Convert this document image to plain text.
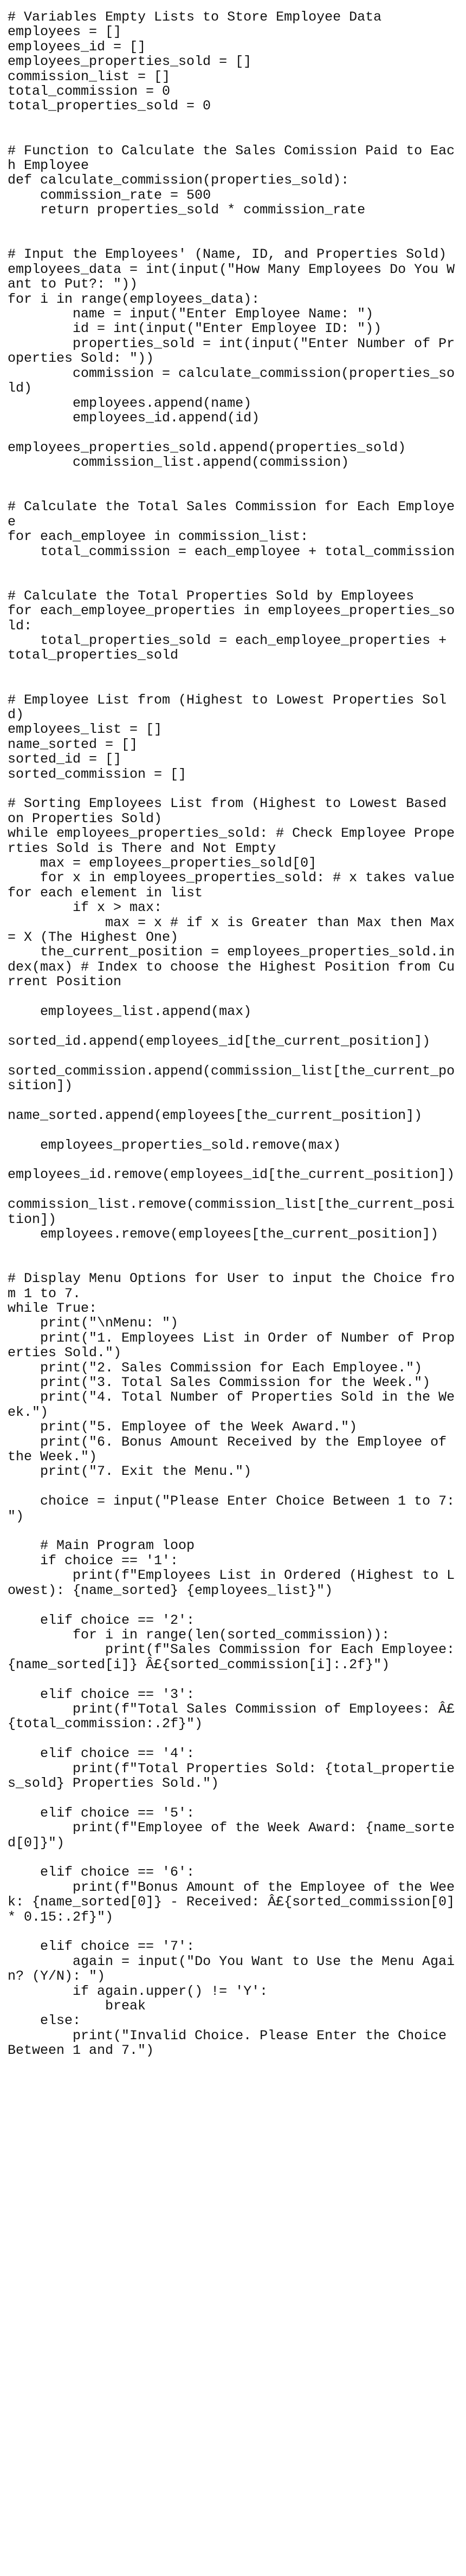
# Variables Empty Lists to Store Employee Data
employees = []
employees_id = []
employees_properties_sold = []
commission_list = []
total_commission = 0
total_properties_sold = 0
# Function to Calculate the Sales Comission Paid to Each Employee
def calculate_commission(properties_sold):
commission_rate = 500
return properties_sold * commission_rate
# Input the Employees' (Name, ID, and Properties Sold)
employees_data = int(input("How Many Employees Do You Want to Put?: "))
for i in range(employees_data):
name = input("Enter Employee Name: ")
id = int(input("Enter Employee ID: "))
properties_sold = int(input("Enter Number of Properties Sold: "))
commission = calculate_commission(properties_sold)
employees.append(name)
employees_id.append(id)
employees_properties_sold.append(properties_sold)
commission_list.append(commission)
# Calculate the Total Sales Commission for Each Employee
for each_employee in commission_list:
total_commission = each_employee + total_commission
# Calculate the Total Properties Sold by Employees
for each_employee_properties in employees_properties_sold:
total_properties_sold = each_employee_properties + total_properties_sold
# Employee List from (Highest to Lowest Properties Sold)
employees_list = []
name_sorted = []
sorted_id = []
sorted_commission = []
# Sorting Employees List from (Highest to Lowest Based on Properties Sold)
while employees_properties_sold: # Check Employee Properties Sold is There and Not Empty
max = employees_properties_sold[0]
for x in employees_properties_sold: # x takes value for each element in list
if x > max:
max = x # if x is Greater than Max then Max = X (The Highest One)
the_current_position = employees_properties_sold.index(max) # Index to choose the Highest Position from Current Position
employees_list.append(max)
sorted_id.append(employees_id[the_current_position])
sorted_commission.append(commission_list[the_current_position])
name_sorted.append(employees[the_current_position])
employees_properties_sold.remove(max)
employees_id.remove(employees_id[the_current_position])
commission_list.remove(commission_list[the_current_position])
employees.remove(employees[the_current_position])
# Display Menu Options for User to input the Choice from 1 to 7.
while True:
print("\nMenu: ")
print("1. Employees List in Order of Number of Properties Sold.")
print("2. Sales Commission for Each Employee.")
print("3. Total Sales Commission for the Week.")
print("4. Total Number of Properties Sold in the Week.")
print("5. Employee of the Week Award.")
print("6. Bonus Amount Received by the Employee of the Week.")
print("7. Exit the Menu.")
choice = input("Please Enter Choice Between 1 to 7: ")
# Main Program loop
if choice == '1':
print(f"Employees List in Ordered (Highest to Lowest): {name_sorted} {employees_list}")
elif choice == '2':
for i in range(len(sorted_commission)):
print(f"Sales Commission for Each Employee: {name_sorted[i]} Â£{sorted_commission[i]:.2f}")
elif choice == '3':
print(f"Total Sales Commission of Employees: Â£{total_commission:.2f}")
elif choice == '4':
print(f"Total Properties Sold: {total_properties_sold} Properties Sold.")
elif choice == '5':
print(f"Employee of the Week Award: {name_sorted[0]}")
elif choice == '6':
print(f"Bonus Amount of the Employee of the Week: {name_sorted[0]} - Received: Â£{sorted_commission[0] * 0.15:.2f}")
elif choice == '7':
again = input("Do You Want to Use the Menu Again? (Y/N): ")
if again.upper() != 'Y':
break
else:
print("Invalid Choice. Please Enter the Choice Between 1 and 7.")
